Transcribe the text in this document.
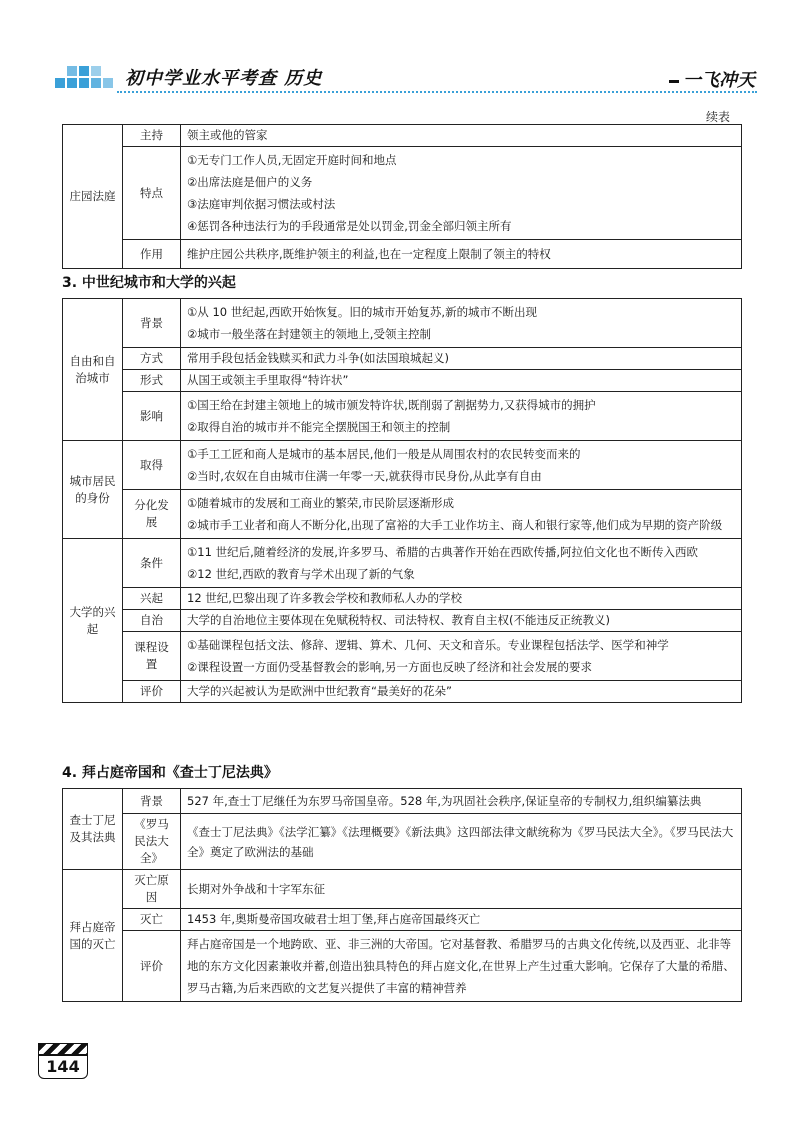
初中学业水平考查 历史	一飞冲天
续表
庄园法庭	主持	领主或他的管家

	特点	①无专门工作人员,无固定开庭时间和地点
②出席法庭是佃户的义务
③法庭审判依据习惯法或村法
④惩罚各种违法行为的手段通常是处以罚金,罚金全部归领主所有

	作用	维护庄园公共秩序,既维护领主的利益,也在一定程度上限制了领主的特权
3. 中世纪城市和大学的兴起
自由和自治城市	背景	①从 10 世纪起,西欧开始恢复。旧的城市开始复苏,新的城市不断出现
②城市一般坐落在封建领主的领地上,受领主控制

	方式	常用手段包括金钱赎买和武力斗争(如法国琅城起义)

	形式	从国王或领主手里取得“特许状”

	影响	①国王给在封建主领地上的城市颁发特许状,既削弱了割据势力,又获得城市的拥护
②取得自治的城市并不能完全摆脱国王和领主的控制

城市居民的身份	取得	①手工工匠和商人是城市的基本居民,他们一般是从周围农村的农民转变而来的
②当时,农奴在自由城市住满一年零一天,就获得市民身份,从此享有自由

	分化发展	①随着城市的发展和工商业的繁荣,市民阶层逐渐形成
②城市手工业者和商人不断分化,出现了富裕的大手工业作坊主、商人和银行家等,他们成为早期的资产阶级

大学的兴起	条件	①11 世纪后,随着经济的发展,许多罗马、希腊的古典著作开始在西欧传播,阿拉伯文化也不断传入西欧
②12 世纪,西欧的教育与学术出现了新的气象

	兴起	12 世纪,巴黎出现了许多教会学校和教师私人办的学校

	自治	大学的自治地位主要体现在免赋税特权、司法特权、教育自主权(不能违反正统教义)

	课程设置	①基础课程包括文法、修辞、逻辑、算术、几何、天文和音乐。专业课程包括法学、医学和神学
②课程设置一方面仍受基督教会的影响,另一方面也反映了经济和社会发展的要求

	评价	大学的兴起被认为是欧洲中世纪教育“最美好的花朵”
4. 拜占庭帝国和《查士丁尼法典》
查士丁尼及其法典	背景	527 年,查士丁尼继任为东罗马帝国皇帝。528 年,为巩固社会秩序,保证皇帝的专制权力,组织编纂法典

	《罗马民法大全》	《查士丁尼法典》《法学汇纂》《法理概要》《新法典》这四部法律文献统称为《罗马民法大全》。《罗马民法大全》奠定了欧洲法的基础

拜占庭帝国的灭亡	灭亡原因	长期对外争战和十字军东征

	灭亡	1453 年,奥斯曼帝国攻破君士坦丁堡,拜占庭帝国最终灭亡

	评价	拜占庭帝国是一个地跨欧、亚、非三洲的大帝国。它对基督教、希腊罗马的古典文化传统,以及西亚、北非等地的东方文化因素兼收并蓄,创造出独具特色的拜占庭文化,在世界上产生过重大影响。它保存了大量的希腊、罗马古籍,为后来西欧的文艺复兴提供了丰富的精神营养
144
